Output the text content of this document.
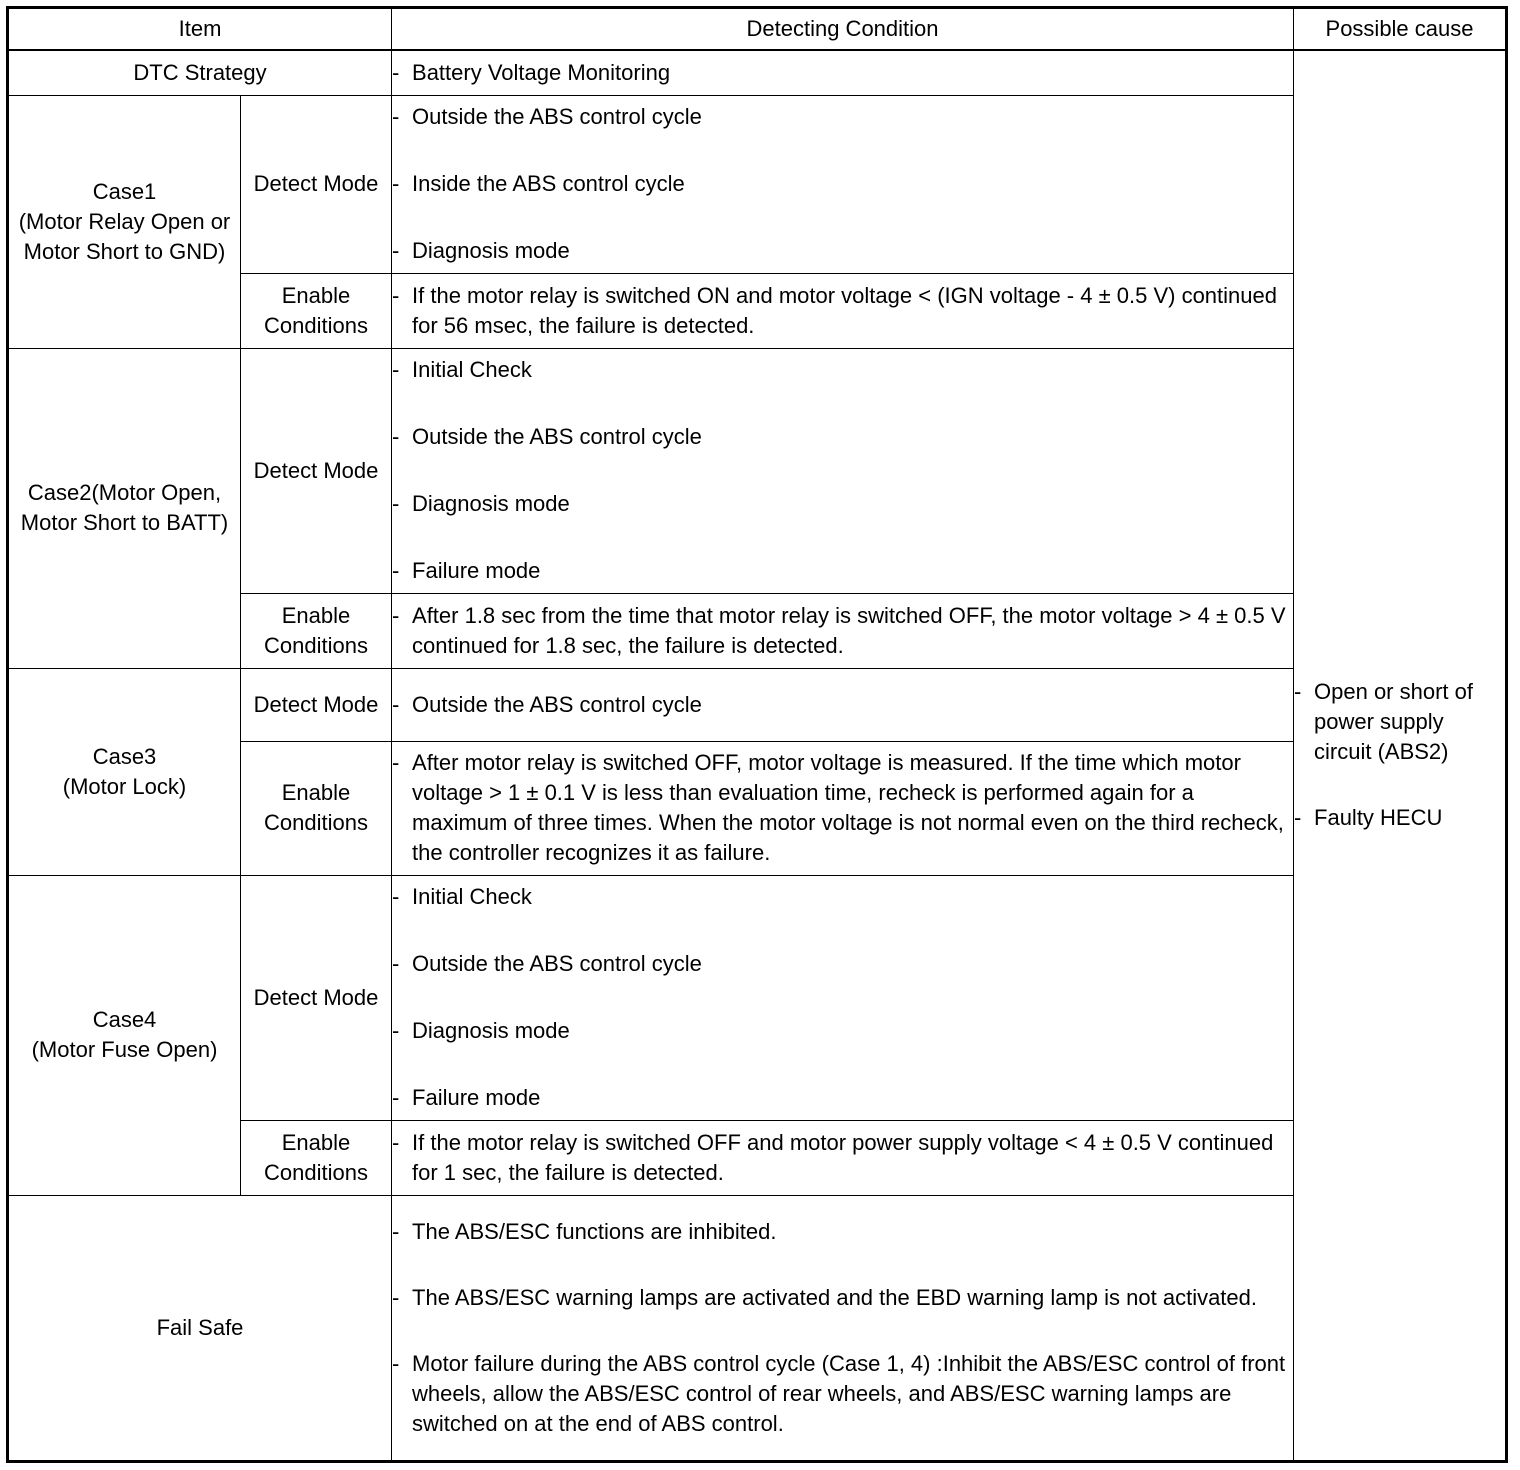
Item		Detecting Condition	Possible cause
DTC Strategy		- Battery Voltage Monitoring	- Open or short of power supply circuit (ABS2)
- Faulty HECU

Case1
(Motor Relay Open or Motor Short to GND)	Detect Mode	- Outside the ABS control cycle
- Inside the ABS control cycle
- Diagnosis mode

	Enable Conditions	- If the motor relay is switched ON and motor voltage < (IGN voltage - 4 ± 0.5 V) continued for 56 msec, the failure is detected.

Case2(Motor Open, Motor Short to BATT)	Detect Mode	- Initial Check
- Outside the ABS control cycle
- Diagnosis mode
- Failure mode

	Enable Conditions	- After 1.8 sec from the time that motor relay is switched OFF, the motor voltage > 4 ± 0.5 V continued for 1.8 sec, the failure is detected.

Case3
(Motor Lock)	Detect Mode	- Outside the ABS control cycle

	Enable Conditions	- After motor relay is switched OFF, motor voltage is measured. If the time which motor voltage > 1 ± 0.1 V is less than evaluation time, recheck is performed again for a maximum of three times. When the motor voltage is not normal even on the third recheck, the controller recognizes it as failure.

Case4
(Motor Fuse Open)	Detect Mode	- Initial Check
- Outside the ABS control cycle
- Diagnosis mode
- Failure mode

	Enable Conditions	- If the motor relay is switched OFF and motor power supply voltage < 4 ± 0.5 V continued for 1 sec, the failure is detected.

Fail Safe		- The ABS/ESC functions are inhibited.
- The ABS/ESC warning lamps are activated and the EBD warning lamp is not activated.
- Motor failure during the ABS control cycle (Case 1, 4) :Inhibit the ABS/ESC control of front wheels, allow the ABS/ESC control of rear wheels, and ABS/ESC warning lamps are switched on at the end of ABS control.
